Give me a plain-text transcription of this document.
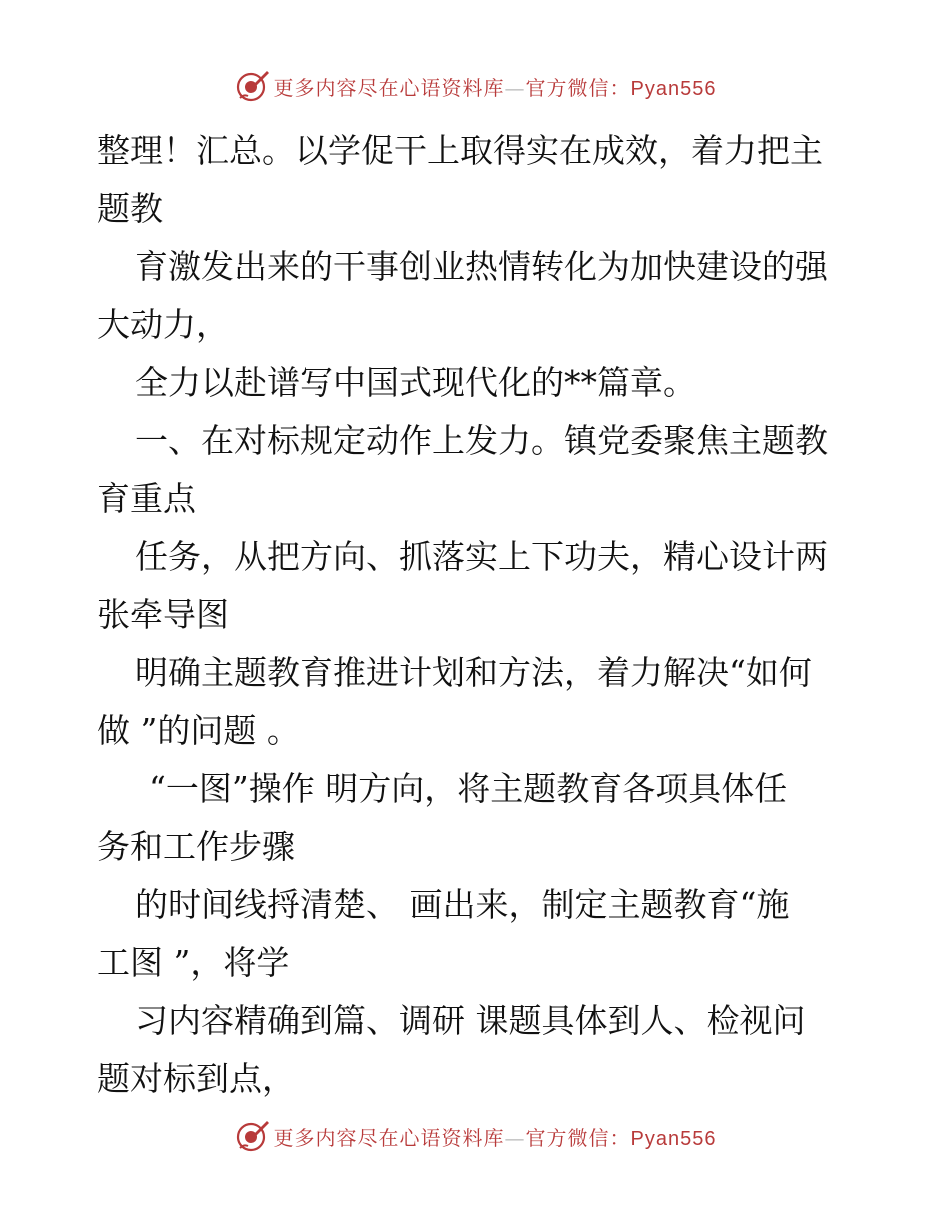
更多内容尽在心语资料库—官方微信：Pyan556

整理！汇总。以学促干上取得实在成效，着力把主
题教

育激发出来的干事创业热情转化为加快建设的强
大动力，

全力以赴谱写中国式现代化的**篇章。

一、在对标规定动作上发力。镇党委聚焦主题教
育重点

任务，从把方向、抓落实上下功夫，精心设计两
张牵导图

明确主题教育推进计划和方法，着力解决“如何
做 ”的问题 。

“一图”操作 明方向，将主题教育各项具体任
务和工作步骤

的时间线捋清楚、 画出来，制定主题教育“施
工图 ”，将学

习内容精确到篇、调研 课题具体到人、检视问
题对标到点，

更多内容尽在心语资料库—官方微信：Pyan556
